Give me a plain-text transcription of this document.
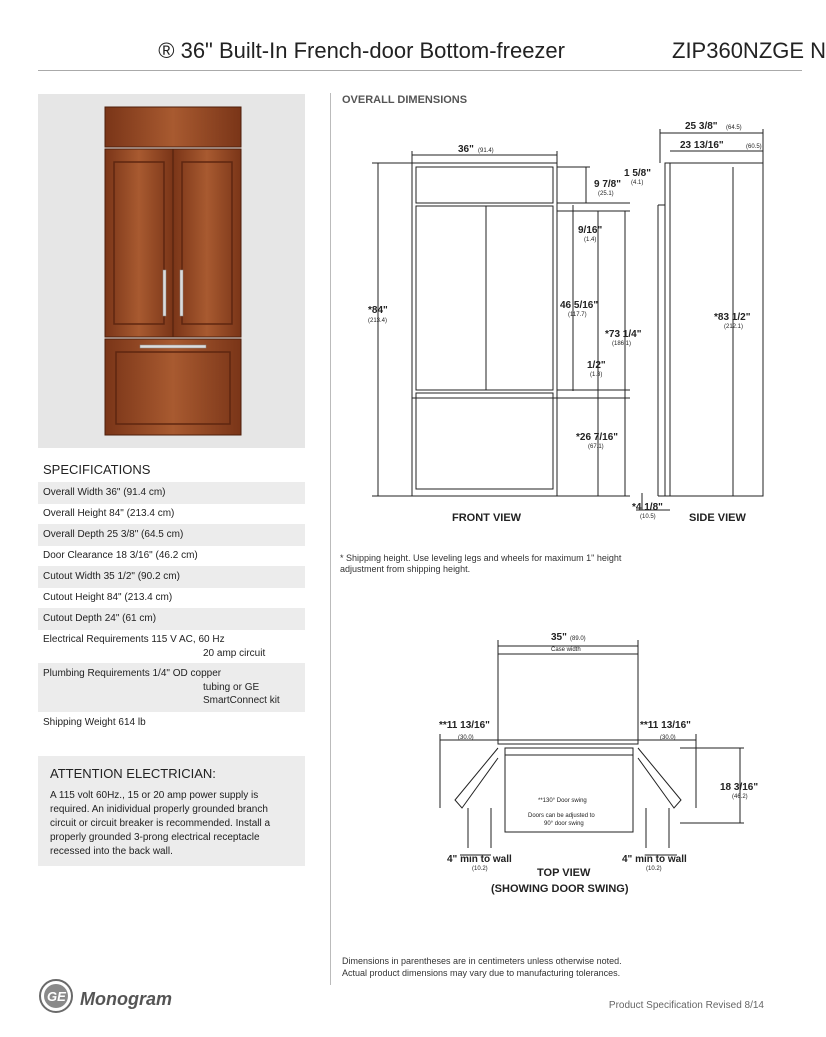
® 36" Built-In French-door Bottom-freezer	ZIP360NZGE N
SPECIFICATIONS
Overall Width 36" (91.4 cm)
Overall Height 84" (213.4 cm)
Overall Depth 25 3/8" (64.5 cm)
Door Clearance 18 3/16" (46.2 cm)
Cutout Width 35 1/2" (90.2 cm)
Cutout Height 84" (213.4 cm)
Cutout Depth 24" (61 cm)
Electrical Requirements 115 V AC, 60 Hz
20 amp circuit
Plumbing Requirements 1/4" OD copper
tubing or GE
SmartConnect kit
Shipping Weight 614 lb
ATTENTION ELECTRICIAN:
A 115 volt 60Hz., 15 or 20 amp power supply is required. An inidividual properly grounded branch circuit or circuit breaker is recommended. Install a properly grounded 3-prong electrical receptacle recessed into the back wall.
OVERALL DIMENSIONS
36" (91.4)
*84"
(213.4)
9 7/8"
(25.1)
9/16"
(1.4)
46 5/16"
(117.7)
*73 1/4"
(186.1)
1/2"
(1.3)
*26 7/16"
(67.1)
*4 1/8"
(10.5)
FRONT VIEW
25 3/8" (64.5)
23 13/16"	(60.5)
1 5/8"
(4.1)
*83 1/2"
(212.1)
SIDE VIEW
* Shipping height. Use leveling legs and wheels for maximum 1" height adjustment from shipping height.
35" (89.0)
Case width
**11 13/16"
(30.0)
**11 13/16"
(30.0)
18 3/16"
(46.2)
**130° Door swing
Doors can be adjusted to
90° door swing
4" min to wall
(10.2)
4" min to wall
(10.2)
TOP VIEW
(SHOWING DOOR SWING)
Dimensions in parentheses are in centimeters unless otherwise noted.
Actual product dimensions may vary due to manufacturing tolerances.
GE Monogram	Product Specification Revised 8/14
